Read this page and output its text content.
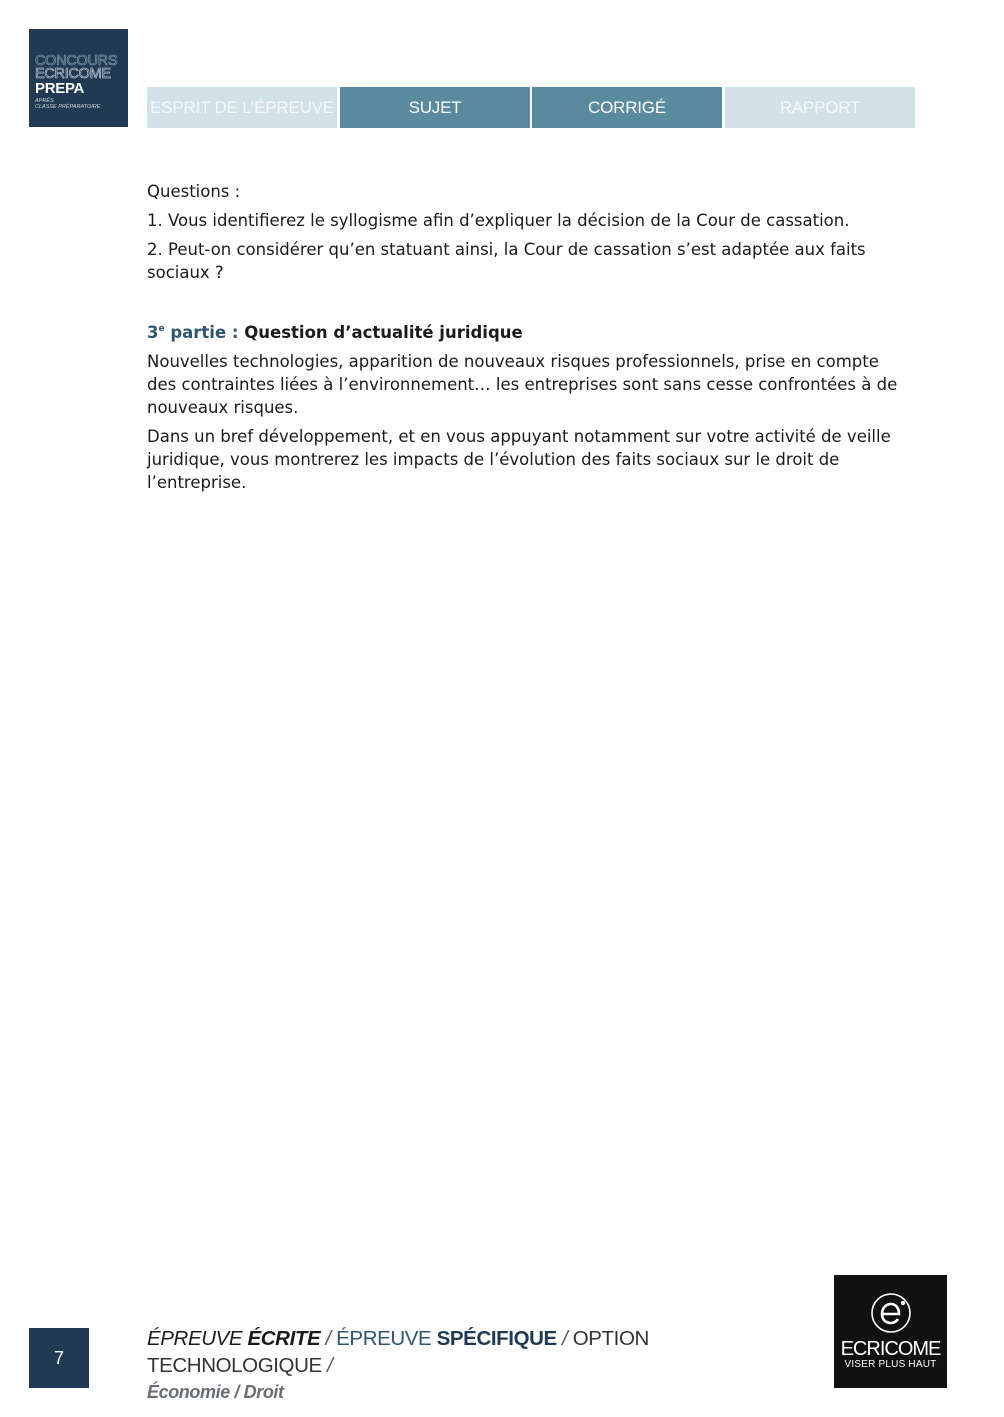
CONCOURS
ECRICOME
PREPA
APRÈS
CLASSE PRÉPARATOIRE	ESPRIT DE L’ÉPREUVE	SUJET	CORRIGÉ	RAPPORT

Questions :

1. Vous identifierez le syllogisme afin d’expliquer la décision de la Cour de cassation.

2. Peut-on considérer qu’en statuant ainsi, la Cour de cassation s’est adaptée aux faits sociaux ?

3e partie : Question d’actualité juridique

Nouvelles technologies, apparition de nouveaux risques professionnels, prise en compte des contraintes liées à l’environnement… les entreprises sont sans cesse confrontées à de nouveaux risques.

Dans un bref développement, et en vous appuyant notamment sur votre activité de veille juridique, vous montrerez les impacts de l’évolution des faits sociaux sur le droit de l’entreprise.

7
ÉPREUVE ÉCRITE / ÉPREUVE SPÉCIFIQUE / OPTION TECHNOLOGIQUE /
Économie / Droit
ECRICOME
VISER PLUS HAUT
